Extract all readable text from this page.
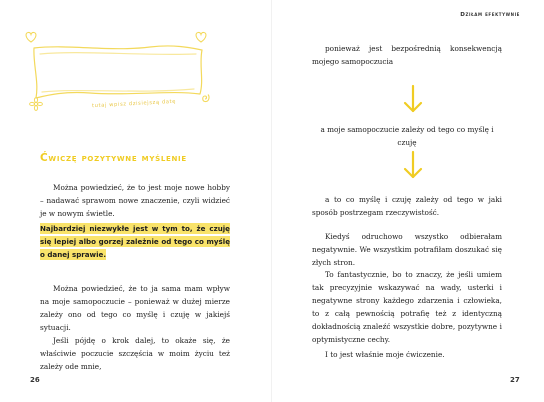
tutaj wpisz dzisiejszą datę
Ćwiczę pozytywne myślenie

Można powiedzieć, że to jest moje nowe hobby – nadawać sprawom nowe znaczenie, czyli widzieć je w nowym świetle.

Najbardziej niezwykłe jest w tym to, że czuję się lepiej albo gorzej zależnie od tego co myślę o danej sprawie.

Można powiedzieć, że to ja sama mam wpływ na moje samopoczucie – ponieważ w dużej mierze zależy ono od tego co myślę i czuję w jakiejś sytuacji.

Jeśli pójdę o krok dalej, to okaże się, że właściwie poczucie szczęścia w moim życiu też zależy ode mnie,

26
Dziłam efektywnie

ponieważ jest bezpośrednią konsekwencją mojego samopoczucia

a moje samopoczucie zależy od tego co myślę i czuję

a to co myślę i czuję zależy od tego w jaki sposób postrzegam rzeczywistość.

Kiedyś odruchowo wszystko odbierałam negatywnie. We wszystkim potrafiłam doszukać się złych stron.

To fantastycznie, bo to znaczy, że jeśli umiem tak precyzyjnie wskazywać na wady, usterki i negatywne strony każdego zdarzenia i człowieka, to z całą pewnością potrafię też z identyczną dokładnością znaleźć wszystkie dobre, pozytywne i optymistyczne cechy.

I to jest właśnie moje ćwiczenie.

27
